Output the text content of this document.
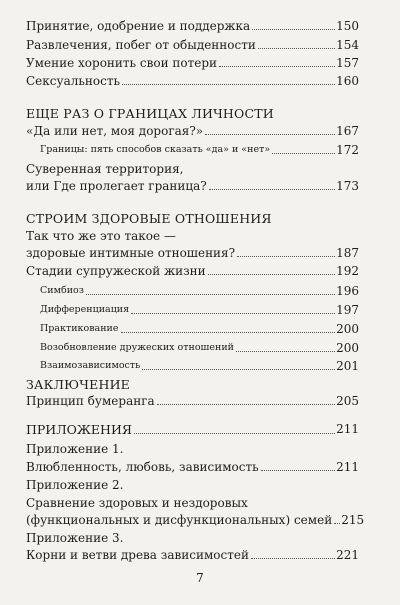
Принятие, одобрение и поддержка	150
Развлечения, побег от обыденности	154
Умение хоронить свои потери	157
Сексуальность	160
ЕЩЕ РАЗ О ГРАНИЦАХ ЛИЧНОСТИ
«Да или нет, моя дорогая?»	167
Границы: пять способов сказать «да» и «нет»	172
Суверенная территория,
или Где пролегает граница?	173
СТРОИМ ЗДОРОВЫЕ ОТНОШЕНИЯ
Так что же это такое —
здоровые интимные отношения?	187
Стадии супружеской жизни	192
Симбиоз	196
Дифференциация	197
Практикование	200
Возобновление дружеских отношений	200
Взаимозависимость	201
ЗАКЛЮЧЕНИЕ
Принцип бумеранга	205
ПРИЛОЖЕНИЯ	211
Приложение 1.
Влюбленность, любовь, зависимость	211
Приложение 2.
Сравнение здоровых и нездоровых
(функциональных и дисфункциональных) семей 215
Приложение 3.
Корни и ветви древа зависимостей	221
7
